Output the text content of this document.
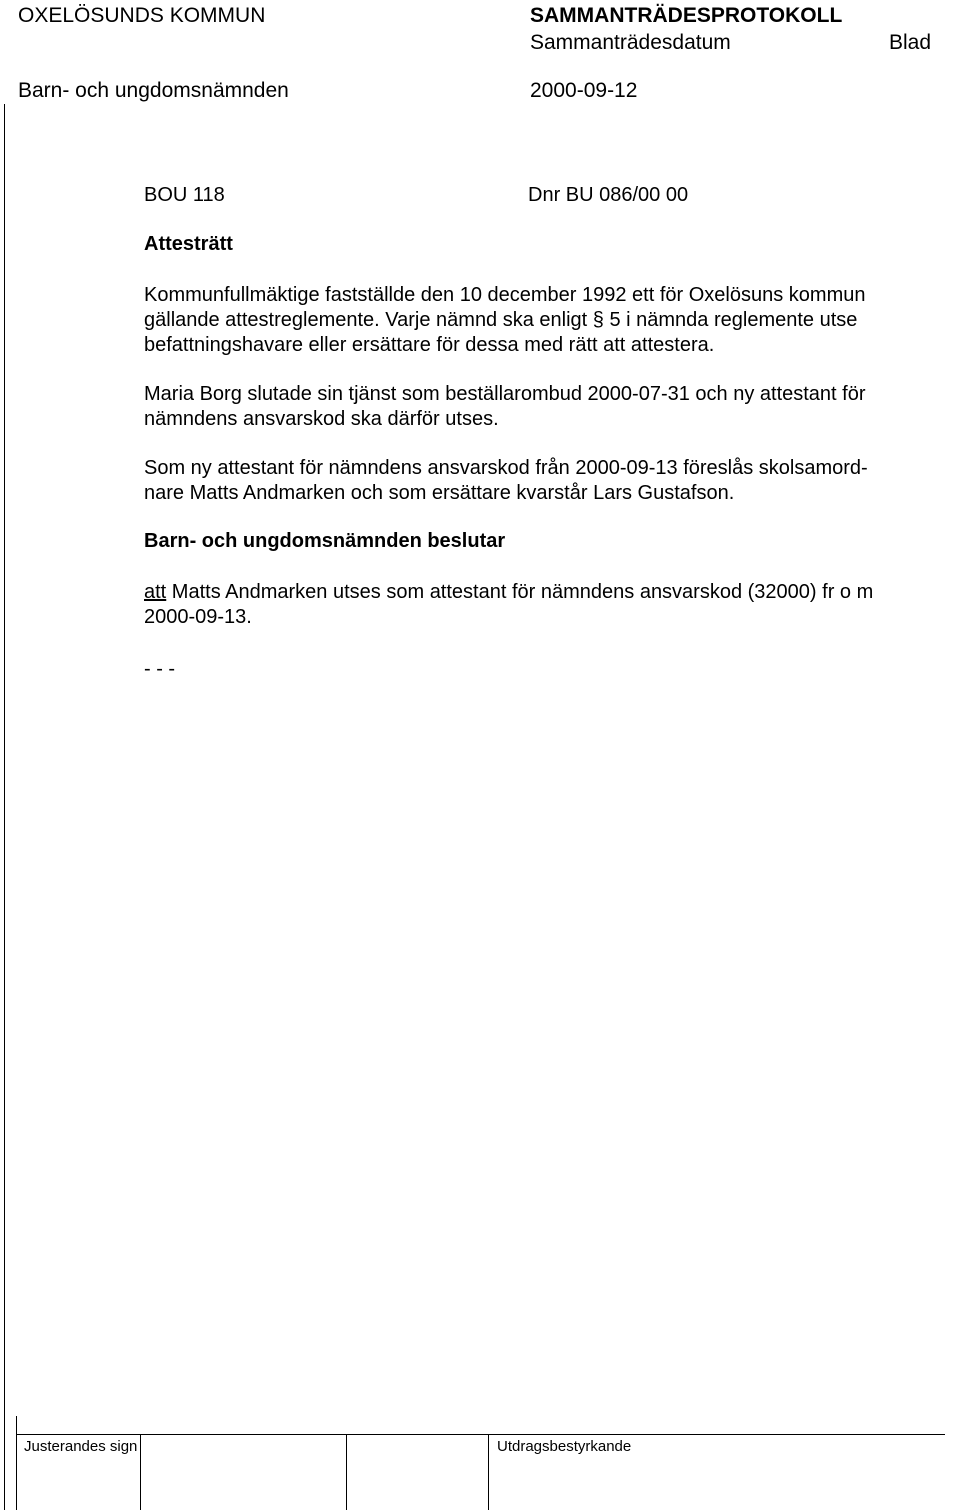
OXELÖSUNDS KOMMUN	SAMMANTRÄDESPROTOKOLL
Sammanträdesdatum	Blad
Barn- och ungdomsnämnden	2000-09-12
BOU 118	Dnr BU 086/00 00
Attesträtt
Kommunfullmäktige fastställde den 10 december 1992 ett för Oxelösuns kommun
gällande attestreglemente. Varje nämnd ska enligt § 5 i nämnda reglemente utse
befattningshavare eller ersättare för dessa med rätt att attestera.
Maria Borg slutade sin tjänst som beställarombud 2000-07-31 och ny attestant för
nämndens ansvarskod ska därför utses.
Som ny attestant för nämndens ansvarskod från 2000-09-13 föreslås skolsamord-
nare Matts Andmarken och som ersättare kvarstår Lars Gustafson.
Barn- och ungdomsnämnden beslutar
att Matts Andmarken utses som attestant för nämndens ansvarskod (32000) fr o m
2000-09-13.
- - -
Justerandes sign	Utdragsbestyrkande
